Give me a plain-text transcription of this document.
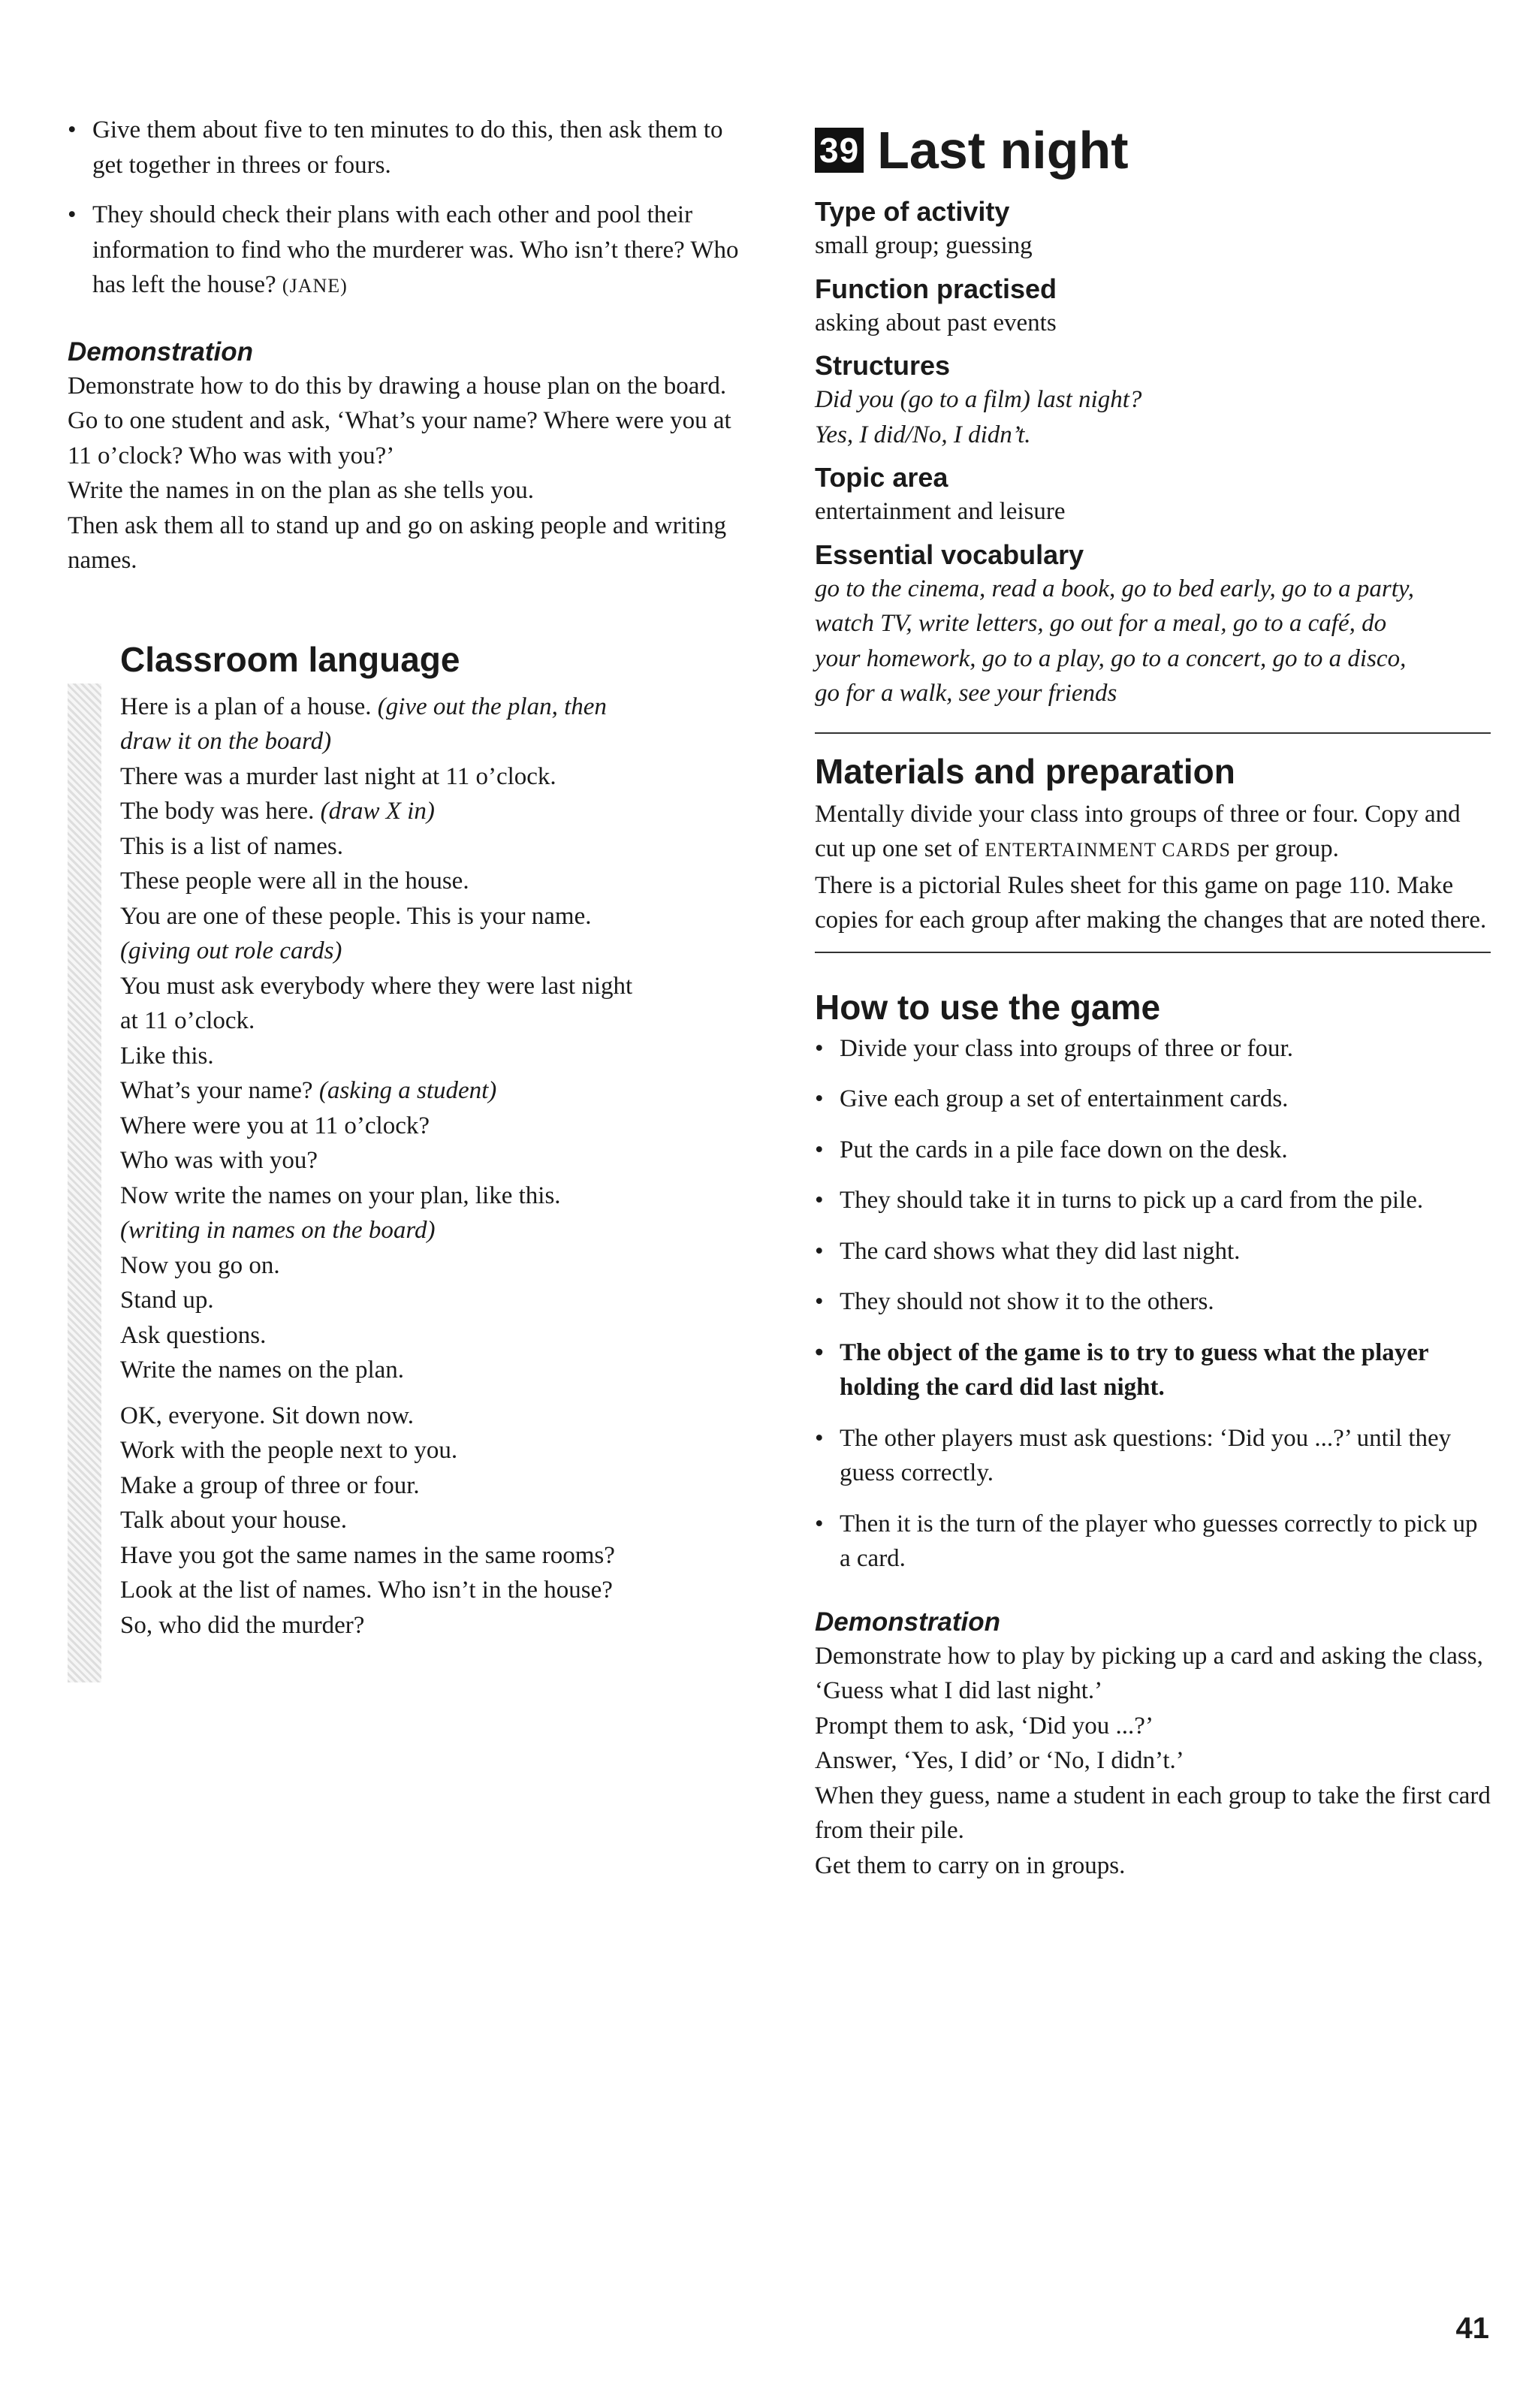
• Give them about five to ten minutes to do this, then ask them to get together in threes or fours.
• They should check their plans with each other and pool their information to find who the murderer was. Who isn’t there? Who has left the house? (JANE)

Demonstration

Demonstrate how to do this by drawing a house plan on the board.

Go to one student and ask, ‘What’s your name? Where were you at 11 o’clock? Who was with you?’

Write the names in on the plan as she tells you.

Then ask them all to stand up and go on asking people and writing names.

Classroom language

Here is a plan of a house. (give out the plan, then

draw it on the board)

There was a murder last night at 11 o’clock.

The body was here. (draw X in)

This is a list of names.

These people were all in the house.

You are one of these people. This is your name.

(giving out role cards)

You must ask everybody where they were last night

at 11 o’clock.

Like this.

What’s your name? (asking a student)

Where were you at 11 o’clock?

Who was with you?

Now write the names on your plan, like this.

(writing in names on the board)

Now you go on.

Stand up.

Ask questions.

Write the names on the plan.

OK, everyone. Sit down now.

Work with the people next to you.

Make a group of three or four.

Talk about your house.

Have you got the same names in the same rooms?

Look at the list of names. Who isn’t in the house?

So, who did the murder?

39 Last night

Type of activity

small group; guessing

Function practised

asking about past events

Structures

Did you (go to a film) last night?

Yes, I did/No, I didn’t.

Topic area

entertainment and leisure

Essential vocabulary

go to the cinema, read a book, go to bed early, go to a party,

watch TV, write letters, go out for a meal, go to a café, do

your homework, go to a play, go to a concert, go to a disco,

go for a walk, see your friends

Materials and preparation

Mentally divide your class into groups of three or four. Copy and cut up one set of ENTERTAINMENT CARDS per group.

There is a pictorial Rules sheet for this game on page 110. Make copies for each group after making the changes that are noted there.

How to use the game

• Divide your class into groups of three or four.
• Give each group a set of entertainment cards.
• Put the cards in a pile face down on the desk.
• They should take it in turns to pick up a card from the pile.
• The card shows what they did last night.
• They should not show it to the others.
• The object of the game is to try to guess what the player holding the card did last night.
• The other players must ask questions: ‘Did you ...?’ until they guess correctly.
• Then it is the turn of the player who guesses correctly to pick up a card.

Demonstration

Demonstrate how to play by picking up a card and asking the class, ‘Guess what I did last night.’

Prompt them to ask, ‘Did you ...?’

Answer, ‘Yes, I did’ or ‘No, I didn’t.’

When they guess, name a student in each group to take the first card from their pile.

Get them to carry on in groups.

41
